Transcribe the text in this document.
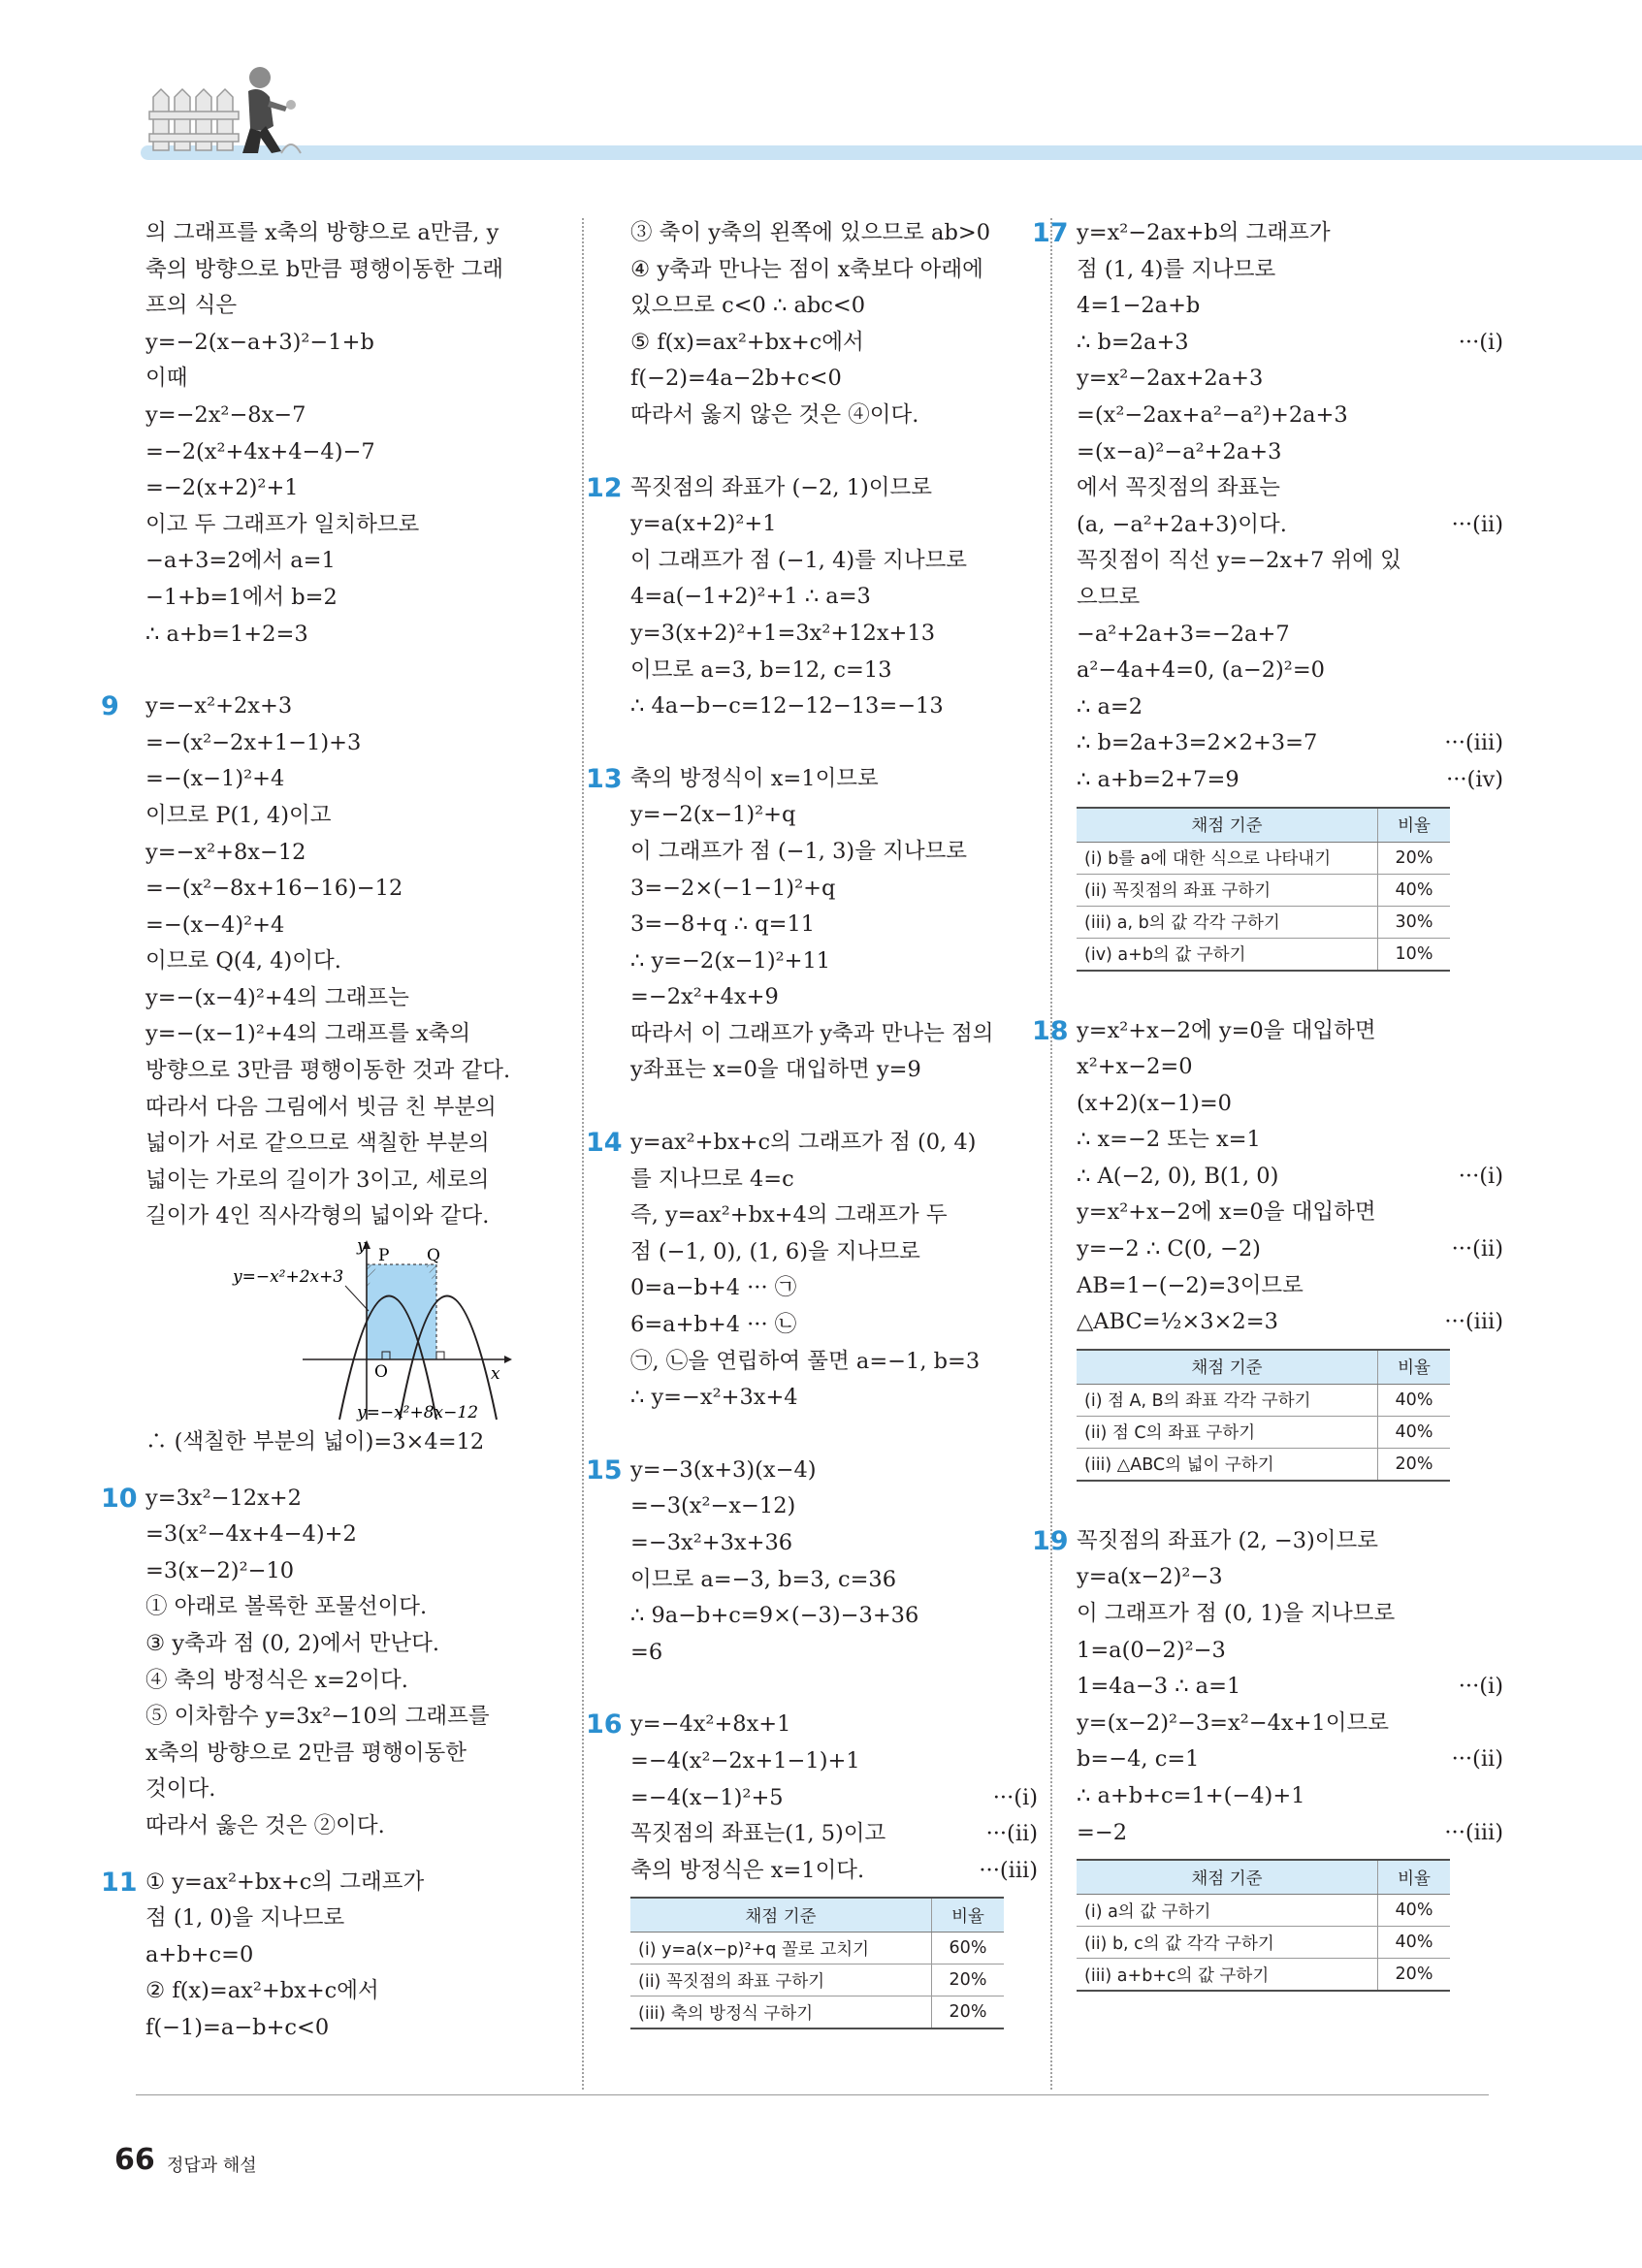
의 그래프를 x축의 방향으로 a만큼, y
축의 방향으로 b만큼 평행이동한 그래
프의 식은
y=−2(x−a+3)²−1+b
이때
y=−2x²−8x−7
=−2(x²+4x+4−4)−7
=−2(x+2)²+1
이고 두 그래프가 일치하므로
−a+3=2에서 a=1
−1+b=1에서 b=2
∴ a+b=1+2=3
9 y=−x²+2x+3
=−(x²−2x+1−1)+3
=−(x−1)²+4
이므로 P(1, 4)이고
y=−x²+8x−12
=−(x²−8x+16−16)−12
=−(x−4)²+4
이므로 Q(4, 4)이다.
y=−(x−4)²+4의 그래프는
y=−(x−1)²+4의 그래프를 x축의
방향으로 3만큼 평행이동한 것과 같다.
따라서 다음 그림에서 빗금 친 부분의
넓이가 서로 같으므로 색칠한 부분의
넓이는 가로의 길이가 3이고, 세로의
길이가 4인 직사각형의 넓이와 같다.
y=−x²+2x+3
y
x
O
P Q
y=−x²+8x−12
∴ (색칠한 부분의 넓이)=3×4=12
10 y=3x²−12x+2
=3(x²−4x+4−4)+2
=3(x−2)²−10
① 아래로 볼록한 포물선이다.
③ y축과 점 (0, 2)에서 만난다.
④ 축의 방정식은 x=2이다.
⑤ 이차함수 y=3x²−10의 그래프를
x축의 방향으로 2만큼 평행이동한
것이다.
따라서 옳은 것은 ②이다.
11 ① y=ax²+bx+c의 그래프가
점 (1, 0)을 지나므로
a+b+c=0
② f(x)=ax²+bx+c에서
f(−1)=a−b+c<0
③ 축이 y축의 왼쪽에 있으므로 ab>0
④ y축과 만나는 점이 x축보다 아래에
있으므로 c<0 ∴ abc<0
⑤ f(x)=ax²+bx+c에서
f(−2)=4a−2b+c<0
따라서 옳지 않은 것은 ④이다.
12 꼭짓점의 좌표가 (−2, 1)이므로
y=a(x+2)²+1
이 그래프가 점 (−1, 4)를 지나므로
4=a(−1+2)²+1 ∴ a=3
y=3(x+2)²+1=3x²+12x+13
이므로 a=3, b=12, c=13
∴ 4a−b−c=12−12−13=−13
13 축의 방정식이 x=1이므로
y=−2(x−1)²+q
이 그래프가 점 (−1, 3)을 지나므로
3=−2×(−1−1)²+q
3=−8+q ∴ q=11
∴ y=−2(x−1)²+11
=−2x²+4x+9
따라서 이 그래프가 y축과 만나는 점의
y좌표는 x=0을 대입하면 y=9
14 y=ax²+bx+c의 그래프가 점 (0, 4)
를 지나므로 4=c
즉, y=ax²+bx+4의 그래프가 두
점 (−1, 0), (1, 6)을 지나므로
0=a−b+4 ··· ㉠
6=a+b+4 ··· ㉡
㉠, ㉡을 연립하여 풀면 a=−1, b=3
∴ y=−x²+3x+4
15 y=−3(x+3)(x−4)
=−3(x²−x−12)
=−3x²+3x+36
이므로 a=−3, b=3, c=36
∴ 9a−b+c=9×(−3)−3+36
=6
16 y=−4x²+8x+1
=−4(x²−2x+1−1)+1
=−4(x−1)²+5	···(i)
꼭짓점의 좌표는(1, 5)이고	···(ii)
축의 방정식은 x=1이다.	···(iii)
채점 기준	비율
(i) y=a(x−p)²+q 꼴로 고치기	60%
(ii) 꼭짓점의 좌표 구하기	20%
(iii) 축의 방정식 구하기	20%
17 y=x²−2ax+b의 그래프가
점 (1, 4)를 지나므로
4=1−2a+b
∴ b=2a+3	···(i)
y=x²−2ax+2a+3
=(x²−2ax+a²−a²)+2a+3
=(x−a)²−a²+2a+3
에서 꼭짓점의 좌표는
(a, −a²+2a+3)이다.	···(ii)
꼭짓점이 직선 y=−2x+7 위에 있
으므로
−a²+2a+3=−2a+7
a²−4a+4=0, (a−2)²=0
∴ a=2
∴ b=2a+3=2×2+3=7	···(iii)
∴ a+b=2+7=9	···(iv)
채점 기준	비율
(i) b를 a에 대한 식으로 나타내기	20%
(ii) 꼭짓점의 좌표 구하기	40%
(iii) a, b의 값 각각 구하기	30%
(iv) a+b의 값 구하기	10%
18 y=x²+x−2에 y=0을 대입하면
x²+x−2=0
(x+2)(x−1)=0
∴ x=−2 또는 x=1
∴ A(−2, 0), B(1, 0)	···(i)
y=x²+x−2에 x=0을 대입하면
y=−2 ∴ C(0, −2)	···(ii)
AB=1−(−2)=3이므로
△ABC=½×3×2=3	···(iii)
채점 기준	비율
(i) 점 A, B의 좌표 각각 구하기	40%
(ii) 점 C의 좌표 구하기	40%
(iii) △ABC의 넓이 구하기	20%
19 꼭짓점의 좌표가 (2, −3)이므로
y=a(x−2)²−3
이 그래프가 점 (0, 1)을 지나므로
1=a(0−2)²−3
1=4a−3 ∴ a=1	···(i)
y=(x−2)²−3=x²−4x+1이므로
b=−4, c=1	···(ii)
∴ a+b+c=1+(−4)+1
=−2	···(iii)
채점 기준	비율
(i) a의 값 구하기	40%
(ii) b, c의 값 각각 구하기	40%
(iii) a+b+c의 값 구하기	20%
66 정답과 해설
